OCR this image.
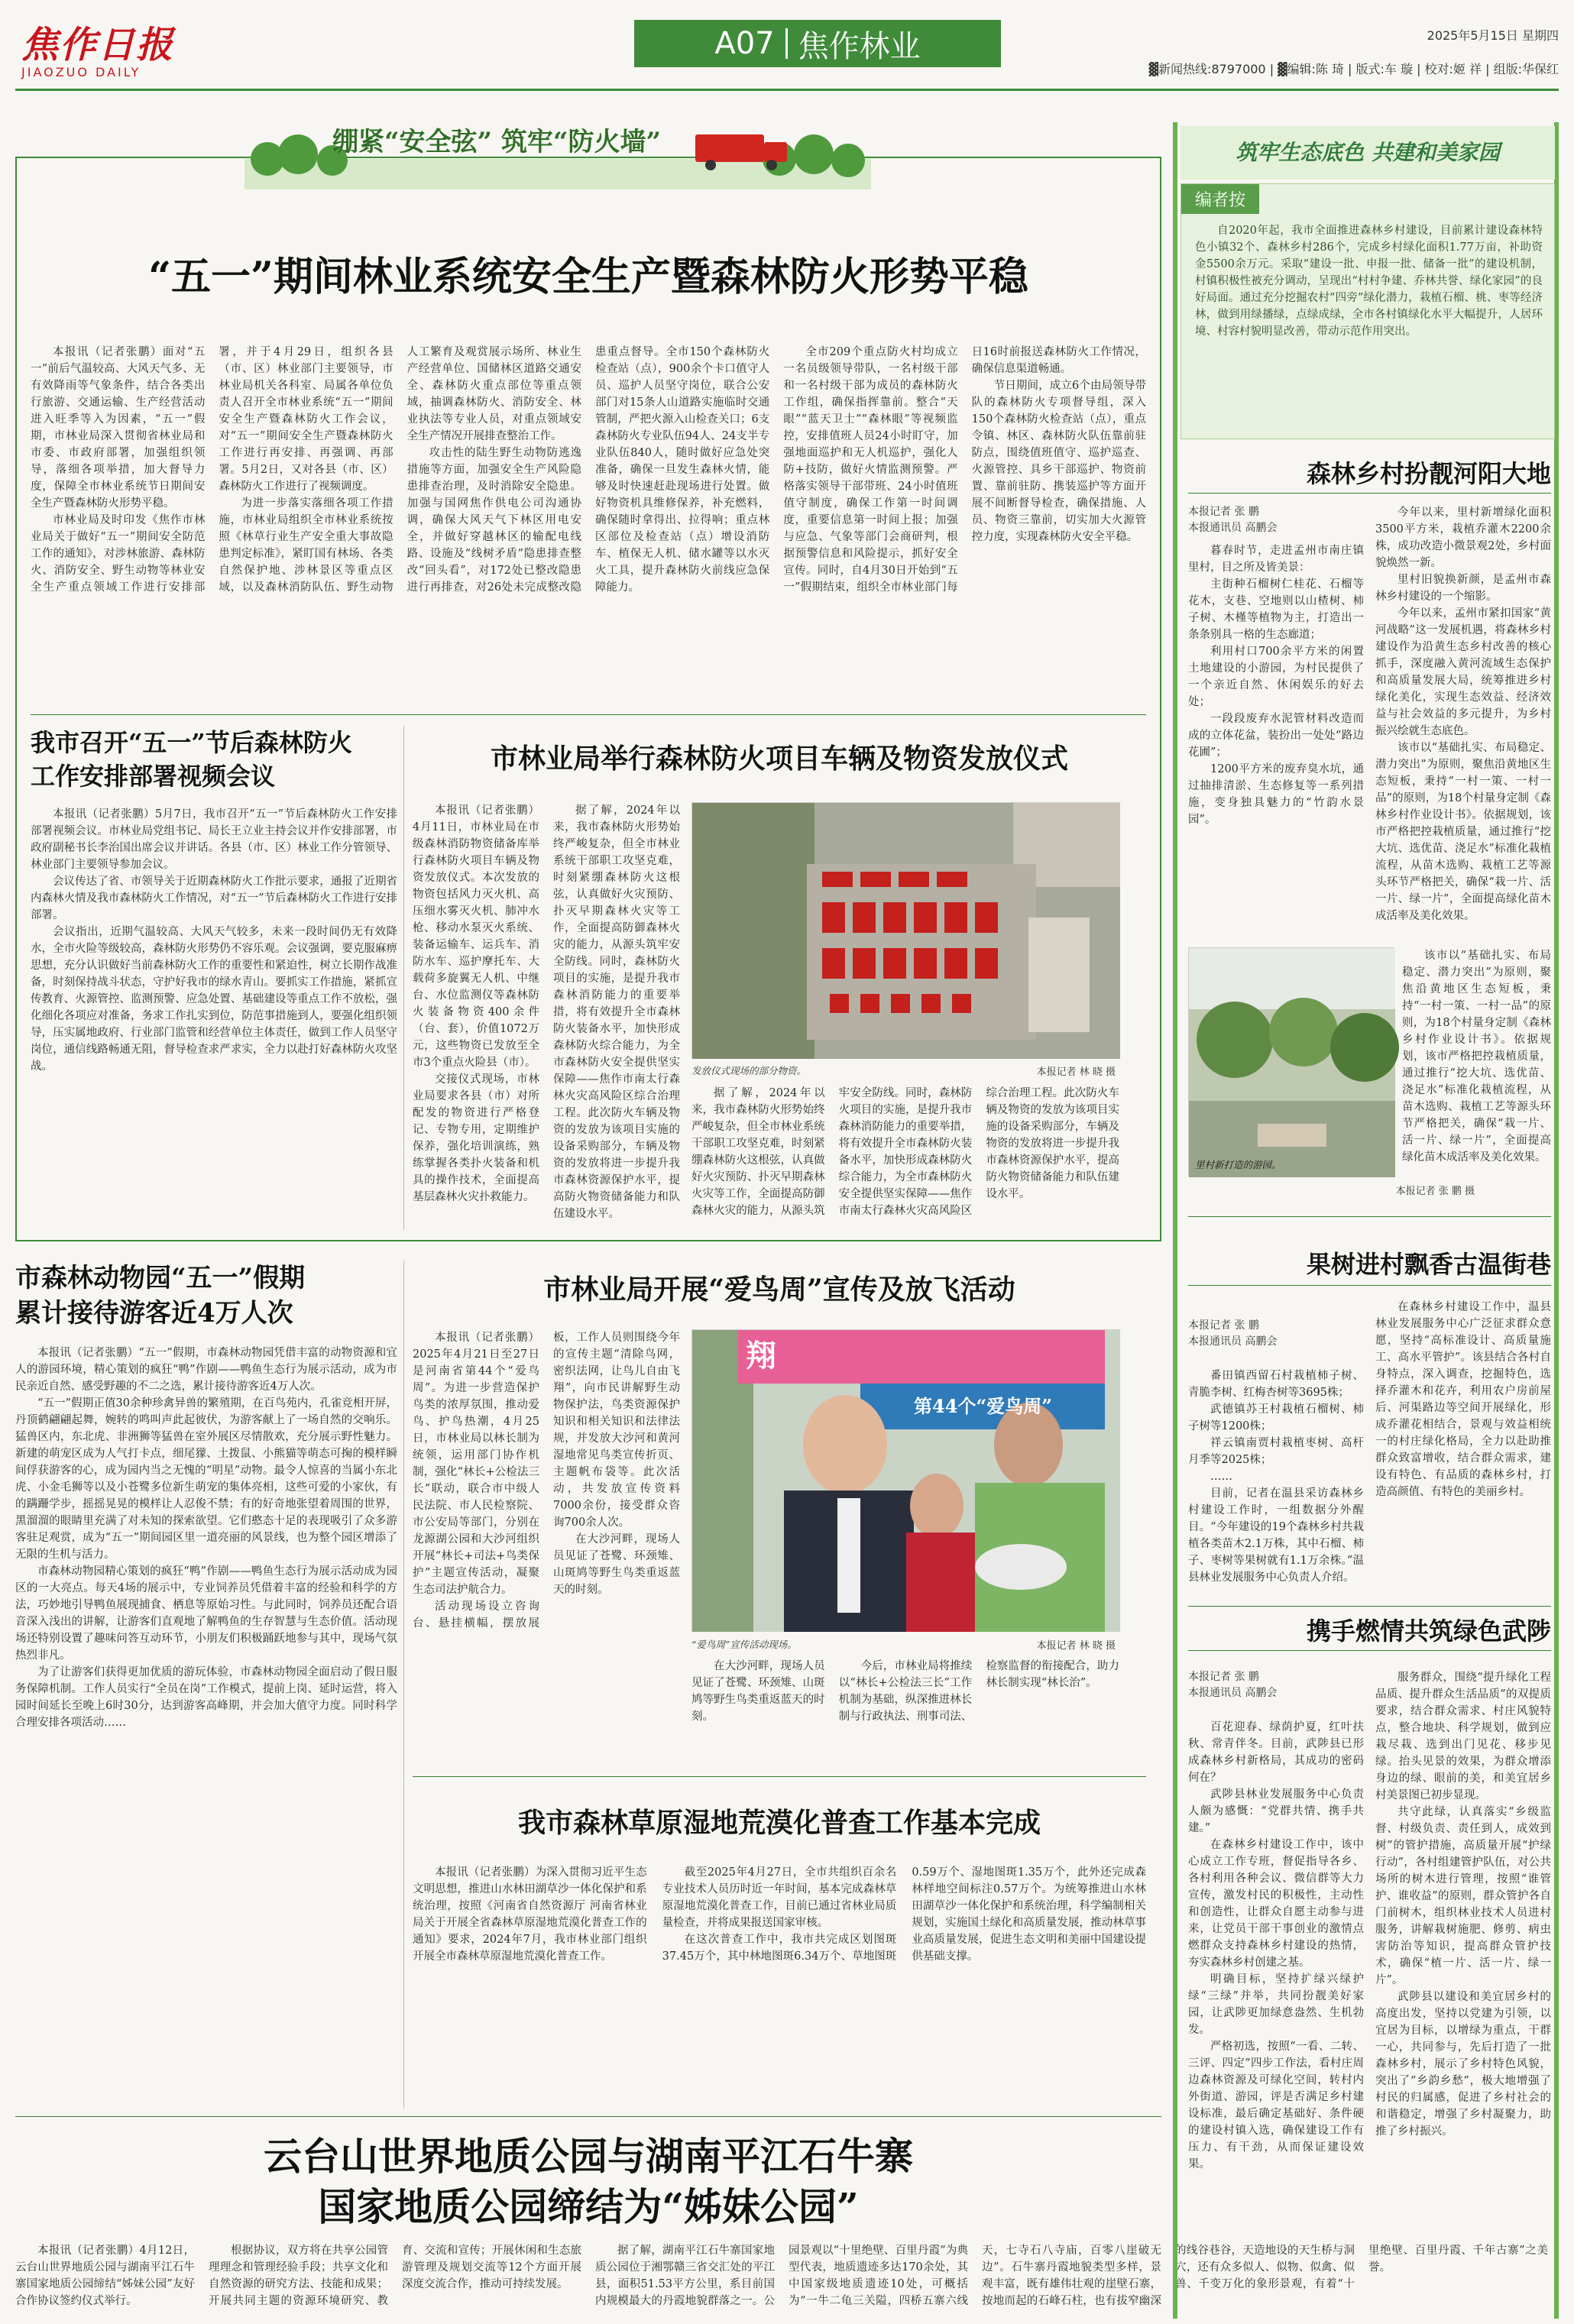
焦作日报
JIAOZUO DAILY
A07 焦作林业	2025年5月15日 星期四
▓新闻热线:8797000 | ▓编辑:陈 琦 | 版式:车 璇 | 校对:姬 祥 | 组版:华保红
绷紧“安全弦” 筑牢“防火墙”
“五一”期间林业系统安全生产暨森林防火形势平稳

本报讯（记者张鹏）面对“五一”前后气温较高、大风天气多、无有效降雨等气象条件，结合各类出行旅游、交通运输、生产经营活动进入旺季等入为因素，“五一”假期，市林业局深入贯彻省林业局和市委、市政府部署，加强组织领导，落细各项举措，加大督导力度，保障全市林业系统节日期间安全生产暨森林防火形势平稳。

市林业局及时印发《焦作市林业局关于做好“五一”期间安全防范工作的通知》，对涉林旅游、森林防火、消防安全、野生动物等林业安全生产重点领域工作进行安排部署，并于4月29日，组织各县（市、区）林业部门主要领导，市林业局机关各科室、局属各单位负责人召开全市林业系统“五一”期间安全生产暨森林防火工作会议，对“五一”期间安全生产暨森林防火工作进行再安排、再强调、再部署。5月2日，又对各县（市、区）森林防火工作进行了视频调度。

为进一步落实落细各项工作措施，市林业局组织全市林业系统按照《林草行业生产安全重大事故隐患判定标准》，紧盯国有林场、各类自然保护地、涉林景区等重点区域，以及森林消防队伍、野生动物人工繁育及观赏展示场所、林业生产经营单位、国储林区道路交通安全、森林防火重点部位等重点领域，抽调森林防火、消防安全、林业执法等专业人员，对重点领域安全生产情况开展排查整治工作。

攻击性的陆生野生动物防逃逸措施等方面，加强安全生产风险隐患排查治理，及时消除安全隐患。加强与国网焦作供电公司沟通协调，确保大风天气下林区用电安全，并做好穿越林区的输配电线路、设施及“线树矛盾”隐患排查整改“回头看”，对172处已整改隐患进行再排查，对26处未完成整改隐患重点督导。全市150个森林防火检查站（点），900余个卡口值守人员、巡护人员坚守岗位，联合公安部门对15条人山道路实施临时交通管制，严把火源入山检查关口；6支森林防火专业队伍94人、24支半专业队伍840人，随时做好应急处突准备，确保一旦发生森林火情，能够及时快速赶赴现场进行处置。做好物资机具维修保养，补充燃料，确保随时拿得出、拉得响；重点林区部位及检查站（点）增设消防车、植保无人机、储水罐等以水灭火工具，提升森林防火前线应急保障能力。

全市209个重点防火村均成立一名员级领导带队，一名村级干部和一名村级干部为成员的森林防火工作组，确保指挥靠前。整合“天眼”“蓝天卫士”“森林眼”等视频监控，安排值班人员24小时盯守，加强地面巡护和无人机巡护，强化人防+技防，做好火情监测预警。严格落实领导干部带班、24小时值班值守制度，确保工作第一时间调度，重要信息第一时间上报；加强与应急、气象等部门会商研判，根据预警信息和风险提示，抓好安全宣传。同时，自4月30日开始到“五一”假期结束，组织全市林业部门每日16时前报送森林防火工作情况，确保信息渠道畅通。

节日期间，成立6个由局领导带队的森林防火专项督导组，深入150个森林防火检查站（点），重点令镇、林区、森林防火队伍靠前驻防点，围绕值班值守、巡护巡查、火源管控、具乡干部巡护、物资前置、靠前驻防、携装巡护等方面开展不间断督导检查，确保措施、人员、物资三靠前，切实加大火源管控力度，实现森林防火安全平稳。

我市召开“五一”节后森林防火
工作安排部署视频会议

本报讯（记者张鹏）5月7日，我市召开“五一”节后森林防火工作安排部署视频会议。市林业局党组书记、局长王立业主持会议并作安排部署，市政府副秘书长李治国出席会议并讲话。各县（市、区）林业工作分管领导、林业部门主要领导参加会议。

会议传达了省、市领导关于近期森林防火工作批示要求，通报了近期省内森林火情及我市森林防火工作情况，对“五一”节后森林防火工作进行安排部署。

会议指出，近期气温较高、大风天气较多，未来一段时间仍无有效降水，全市火险等级较高，森林防火形势仍不容乐观。会议强调，要克服麻痹思想，充分认识做好当前森林防火工作的重要性和紧迫性，树立长期作战准备，时刻保持战斗状态，守护好我市的绿水青山。要抓实工作措施，紧抓宣传教育、火源管控、监测预警、应急处置、基础建设等重点工作不放松，强化细化各项应对准备，务求工作扎实到位，防范事措施到人，要强化组织领导，压实属地政府、行业部门监管和经营单位主体责任，做到工作人员坚守岗位，通信线路畅通无阻，督导检查求严求实，全力以赴打好森林防火攻坚战。

市林业局举行森林防火项目车辆及物资发放仪式

本报讯（记者张鹏）4月11日，市林业局在市级森林消防物资储备库举行森林防火项目车辆及物资发放仪式。本次发放的物资包括风力灭火机、高压细水雾灭火机、肺冲水枪、移动水泵灭火系统、装备运输车、运兵车、消防水车、巡护摩托车、大载荷多旋翼无人机、中继台、水位监测仪等森林防火装备物资400余件（台、套），价值1072万元，这些物资已发放至全市3个重点火险县（市）。

交接仪式现场，市林业局要求各县（市）对所配发的物资进行严格登记、专物专用，定期维护保养，强化培训演练，熟练掌握各类扑火装备和机具的操作技术，全面提高基层森林火灾扑救能力。

据了解，2024年以来，我市森林防火形势始终严峻复杂，但全市林业系统干部职工攻坚克难，时刻紧绷森林防火这根弦，认真做好火灾预防、扑灭早期森林火灾等工作，全面提高防御森林火灾的能力，从源头筑牢安全防线。同时，森林防火项目的实施，是提升我市森林消防能力的重要举措，将有效提升全市森林防火装备水平，加快形成森林防火综合能力，为全市森林防火安全提供坚实保障——焦作市南太行森林火灾高风险区综合治理工程。此次防火车辆及物资的发放为该项目实施的设备采购部分，车辆及物资的发放将进一步提升我市森林资源保护水平，提高防火物资储备能力和队伍建设水平。

发放仪式现场的部分物资。	本报记者 林 晓 摄

据了解，2024年以来，我市森林防火形势始终严峻复杂，但全市林业系统干部职工攻坚克难，时刻紧绷森林防火这根弦，认真做好火灾预防、扑灭早期森林火灾等工作，全面提高防御森林火灾的能力，从源头筑牢安全防线。同时，森林防火项目的实施，是提升我市森林消防能力的重要举措，将有效提升全市森林防火装备水平，加快形成森林防火综合能力，为全市森林防火安全提供坚实保障——焦作市南太行森林火灾高风险区综合治理工程。此次防火车辆及物资的发放为该项目实施的设备采购部分，车辆及物资的发放将进一步提升我市森林资源保护水平，提高防火物资储备能力和队伍建设水平。

市森林动物园“五一”假期
累计接待游客近4万人次

本报讯（记者张鹏）“五一”假期，市森林动物园凭借丰富的动物资源和宜人的游园环境，精心策划的疯狂“鸭”作剧——鸭鱼生态行为展示活动，成为市民亲近自然、感受野趣的不二之选，累计接待游客近4万人次。

“五一”假期正值30余种珍禽异兽的繁殖期，在百鸟苑内，孔雀竞相开屏，丹顶鹤翩翩起舞，婉转的鸣叫声此起彼伏，为游客献上了一场自然的交响乐。猛兽区内，东北虎、非洲狮等猛兽在室外展区尽情散欢，充分展示野性魅力。新建的萌宠区成为人气打卡点，细尾獴、土拨鼠、小熊猫等萌态可掬的模样瞬间俘获游客的心，成为园内当之无愧的“明星”动物。最令人惊喜的当属小东北虎、小金毛狮等以及小苍鹭多位新生萌宠的集体亮相，这些可爱的小家伙，有的蹒跚学步，摇摇晃晃的模样让人忍俊不禁；有的好奇地张望着周围的世界，黑溜溜的眼睛里充满了对未知的探索欲望。它们憨态十足的表现吸引了众多游客驻足观赏，成为“五一”期间园区里一道亮丽的风景线，也为整个园区增添了无限的生机与活力。

市森林动物园精心策划的疯狂“鸭”作剧——鸭鱼生态行为展示活动成为园区的一大亮点。每天4场的展示中，专业饲养员凭借着丰富的经验和科学的方法，巧妙地引导鸭鱼展现捕食、栖息等原始习性。与此同时，饲养员还配合语音深入浅出的讲解，让游客们直观地了解鸭鱼的生存智慧与生态价值。活动现场还特别设置了趣味问答互动环节，小朋友们积极踊跃地参与其中，现场气氛热烈非凡。

为了让游客们获得更加优质的游玩体验，市森林动物园全面启动了假日服务保障机制。工作人员实行“全员在岗”工作模式，提前上岗、延时运营，将入园时间延长至晚上6时30分，达到游客高峰期，并会加大值守力度。同时科学合理安排各项活动……

市林业局开展“爱鸟周”宣传及放飞活动

本报讯（记者张鹏）2025年4月21日至27日是河南省第44个“爱鸟周”。为进一步营造保护鸟类的浓厚氛围，推动爱鸟、护鸟热潮，4月25日，市林业局以林长制为统领，运用部门协作机制，强化“林长+公检法三长”联动，联合市中级人民法院、市人民检察院、市公安局等部门，分别在龙源湖公园和大沙河组织开展“林长+司法+鸟类保护”主题宣传活动，凝聚生态司法护航合力。

活动现场设立咨询台、悬挂横幅，摆放展板，工作人员则围绕今年的宣传主题“清除鸟网，密织法网，让鸟儿自由飞翔”，向市民讲解野生动物保护法，鸟类资源保护知识和相关知识和法律法规，并发放大沙河和黄河湿地常见鸟类宣传折页、主题帆布袋等。此次活动，共发放宣传资料7000余份，接受群众咨询700余人次。

在大沙河畔，现场人员见证了苍鹭、环颈雉、山斑鸠等野生鸟类重返蓝天的时刻。

翔
第44个“爱鸟周”
“爱鸟周”宣传活动现场。	本报记者 林 晓 摄

在大沙河畔，现场人员见证了苍鹭、环颈雉、山斑鸠等野生鸟类重返蓝天的时刻。

今后，市林业局将推续以“林长+公检法三长”工作机制为基础，纵深推进林长制与行政执法、刑事司法、检察监督的衔接配合，助力林长制实现“林长治”。

我市森林草原湿地荒漠化普查工作基本完成

本报讯（记者张鹏）为深入贯彻习近平生态文明思想，推进山水林田湖草沙一体化保护和系统治理，按照《河南省自然资源厅 河南省林业局关于开展全省森林草原湿地荒漠化普查工作的通知》要求，2024年7月，我市林业部门组织开展全市森林草原湿地荒漠化普查工作。

截至2025年4月27日，全市共组织百余名专业技术人员历时近一年时间，基本完成森林草原湿地荒漠化普查工作，目前已通过省林业局质量检查，并将成果报送国家审核。

在这次普查工作中，我市共完成区划图斑37.45万个，其中林地图斑6.34万个、草地图斑0.59万个、湿地图斑1.35万个，此外还完成森林样地空间标注0.57万个。为统筹推进山水林田湖草沙一体化保护和系统治理，科学编制相关规划，实施国土绿化和高质量发展，推动林草事业高质量发展，促进生态文明和美丽中国建设提供基础支撑。

云台山世界地质公园与湖南平江石牛寨
国家地质公园缔结为“姊妹公园”

本报讯（记者张鹏）4月12日，云台山世界地质公园与湖南平江石牛寨国家地质公园缔结“姊妹公园”友好合作协议签约仪式举行。

根据协议，双方将在共享公园管理理念和管理经验手段；共享文化和自然资源的研究方法、技能和成果；开展共同主题的资源环境研究、教育、交流和宣传；开展休闲和生态旅游管理及规划交流等12个方面开展深度交流合作，推动可持续发展。

据了解，湖南平江石牛寨国家地质公园位于湘鄂赣三省交汇处的平江县，面积51.53平方公里，系目前国内规模最大的丹霞地貌群落之一。公园景观以“十里绝壁、百里丹霞”为典型代表，地质遗迹多达170余处，其中国家级地质遗迹10处，可概括为“一牛二龟三关隘，四桥五寨六线天，七寺石八寺庙，百零八崖破无边”。石牛寨丹霞地貌类型多样，景观丰富，既有雄伟壮观的崖壁石寨，按地而起的石峰石柱，也有拔窄幽深的线谷巷谷，天造地设的天生桥与洞穴，还有众多似人、似物、似禽、似兽、千变万化的象形景观，有着“十里绝壁、百里丹霞、千年古寨”之美誉。

筑牢生态底色 共建和美家园
编者按
自2020年起，我市全面推进森林乡村建设，目前累计建设森林特色小镇32个、森林乡村286个，完成乡村绿化面积1.77万亩，补助资金5500余万元。采取“建设一批、申报一批、储备一批”的建设机制，村镇积极性被充分调动，呈现出“村村争建、乔林共誉、绿化家园”的良好局面。通过充分挖掘农村“四旁”绿化潜力，栽植石榴、桃、枣等经济林，做到用绿播绿，点绿成绿，全市各村镇绿化水平大幅提升，人居环境、村容村貌明显改善，带动示范作用突出。
森林乡村扮靓河阳大地
本报记者 张 鹏
本报通讯员 高鹏会

暮春时节，走进孟州市南庄镇里村，目之所及皆美景：

主街种石榴树仁桂花、石榴等花木，支巷、空地则以山楂树、柿子树、木槿等植物为主，打造出一条条别具一格的生态廊道；

利用村口700余平方米的闲置土地建设的小游园，为村民提供了一个亲近自然、休闲娱乐的好去处；

一段段废弃水泥管材料改造而成的立体花盆，装扮出一处处“路边花圃”；

1200平方米的废弃臭水坑，通过抽排清淤、生态修复等一系列措施，变身独具魅力的“竹韵水景园”。

今年以来，里村新增绿化面积3500平方米，栽植乔灌木2200余株，成功改造小微景观2处，乡村面貌焕然一新。

里村旧貌换新颜，是孟州市森林乡村建设的一个缩影。

今年以来，孟州市紧扣国家“黄河战略”这一发展机遇，将森林乡村建设作为沿黄生态乡村改善的核心抓手，深度融入黄河流域生态保护和高质量发展大局，统筹推进乡村绿化美化，实现生态效益、经济效益与社会效益的多元提升，为乡村振兴绘就生态底色。

该市以“基础扎实、布局稳定、潜力突出”为原则，聚焦沿黄地区生态短板，秉持“一村一策、一村一品”的原则，为18个村量身定制《森林乡村作业设计书》。依据规划，该市严格把控栽植质量，通过推行“挖大坑、选优苗、浇足水”标准化栽植流程，从苗木选购、栽植工艺等源头环节严格把关，确保“栽一片、活一片、绿一片”，全面提高绿化苗木成活率及美化效果。

里村新打造的游园。

该市以“基础扎实、布局稳定、潜力突出”为原则，聚焦沿黄地区生态短板，秉持“一村一策、一村一品”的原则，为18个村量身定制《森林乡村作业设计书》。依据规划，该市严格把控栽植质量，通过推行“挖大坑、选优苗、浇足水”标准化栽植流程，从苗木选购、栽植工艺等源头环节严格把关，确保“栽一片、活一片、绿一片”，全面提高绿化苗木成活率及美化效果。

本报记者 张 鹏 摄
果树进村飘香古温街巷
本报记者 张 鹏
本报通讯员 高鹏会

番田镇西留石村栽植柿子树、青脆李树、红梅杏树等3695株；

武德镇苏王村栽植石榴树、柿子树等1200株；

祥云镇南贾村栽植枣树、高杆月季等2025株；

……

目前，记者在温县采访森林乡村建设工作时，一组数据分外醒目。“今年建设的19个森林乡村共栽植各类苗木2.1万株，其中石榴、柿子、枣树等果树就有1.1万余株。”温县林业发展服务中心负责人介绍。

在森林乡村建设工作中，温县林业发展服务中心广泛征求群众意愿，坚持“高标准设计、高质量施工、高水平管护”。该县结合各村自身特点，深入调查，挖掘特色，选择乔灌木和花卉，利用农户房前屋后、河渠路边等空间开展绿化，形成乔灌花相结合，景观与效益相统一的村庄绿化格局，全力以赴助推群众致富增收，结合群众需求，建设有特色、有品质的森林乡村，打造高颜值、有特色的美丽乡村。

携手燃情共筑绿色武陟
本报记者 张 鹏
本报通讯员 高鹏会

百花迎春、绿荫护夏，红叶扶秋、常青伴冬。目前，武陟县已形成森林乡村新格局，其成功的密码何在？

武陟县林业发展服务中心负责人颇为感慨：“党群共情、携手共建。”

在森林乡村建设工作中，该中心成立工作专班，督促指导各乡、各村利用各种会议、微信群等大力宣传，激发村民的积极性，主动性和创造性，让群众自愿主动参与进来，让党员干部干事创业的激情点燃群众支持森林乡村建设的热情，夯实森林乡村创建之基。

明确目标，坚持扩绿兴绿护绿“三绿”并举，共同扮靓美好家园，让武陟更加绿意盎然、生机勃发。

严格初选，按照“一看、二转、三评、四定”四步工作法，看村庄周边森林资源及可绿化空间，转村内外街道、游园，评是否满足乡村建设标准，最后确定基础好、条件硬的建设村镇入选，确保建设工作有压力、有干劲，从而保证建设效果。

服务群众，围绕“提升绿化工程品质、提升群众生活品质”的双提质要求，结合群众需求、村庄风貌特点，整合地块、科学规划，做到应栽尽栽、选到出门见花、移步见绿。抬头见景的效果，为群众增添身边的绿、眼前的美，和美宜居乡村美景图已初步显现。

共守此绿，认真落实“乡级监督、村级负责、责任到人，成效到树”的管护措施，高质量开展“护绿行动”，各村组建管护队伍，对公共场所的树木进行管理，按照“谁管护、谁收益”的原则，群众管护各自门前树木，组织林业技术人员进村服务，讲解栽树施肥、修剪、病虫害防治等知识，提高群众管护技术，确保“植一片、活一片、绿一片”。

武陟县以建设和美宜居乡村的高度出发，坚持以党建为引领，以宜居为目标，以增绿为重点，干群一心，共同参与，先后打造了一批森林乡村，展示了乡村特色风貌，突出了“乡韵乡愁”，极大地增强了村民的归属感，促进了乡村社会的和谐稳定，增强了乡村凝聚力，助推了乡村振兴。
